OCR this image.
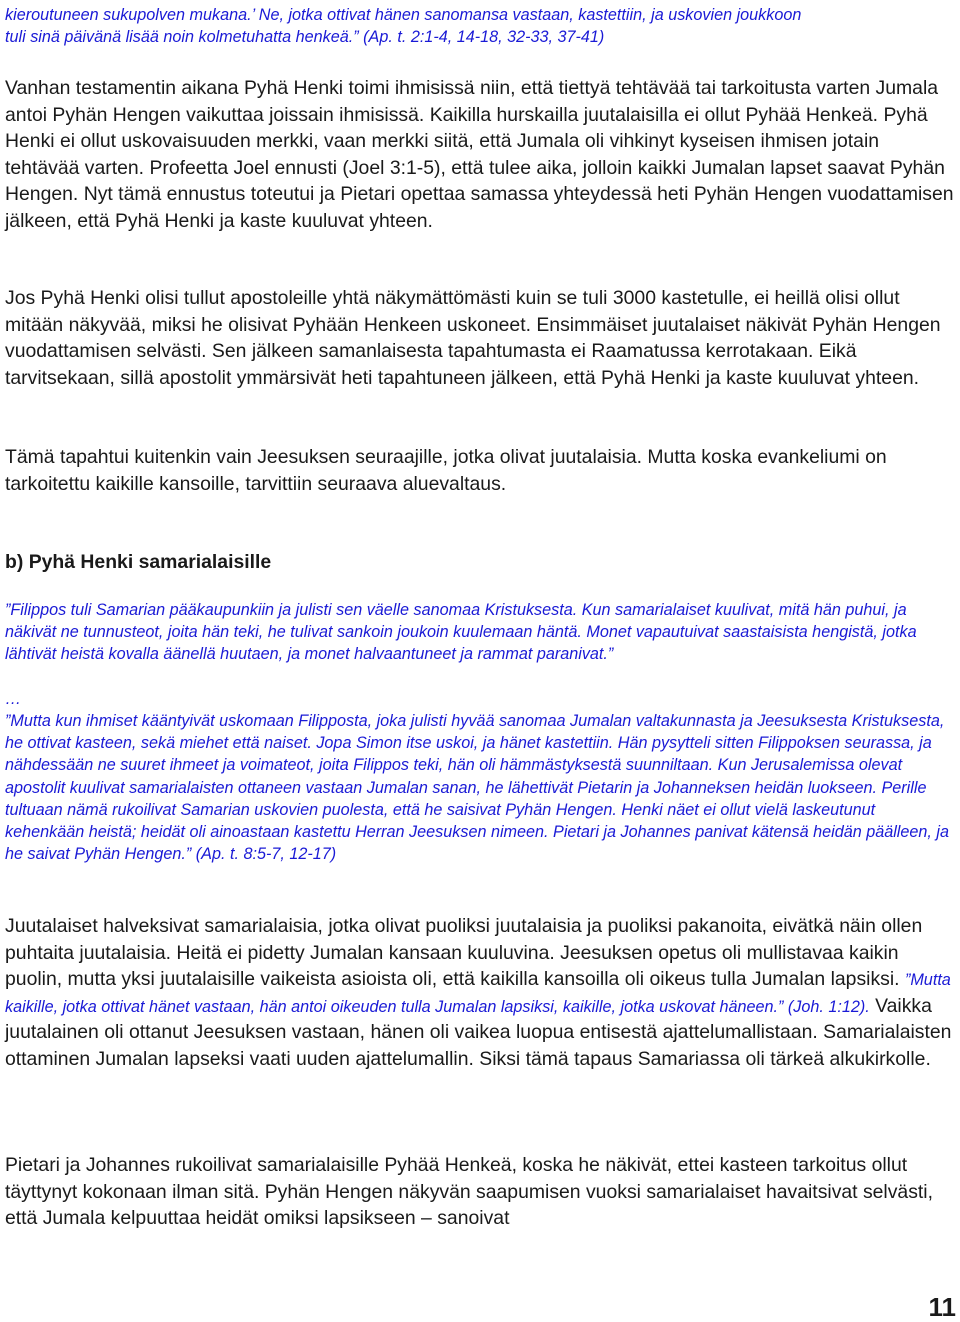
kieroutuneen sukupolven mukana.’ Ne, jotka ottivat hänen sanomansa vastaan, kastettiin, ja uskovien joukkoon
tuli sinä päivänä lisää noin kolmetuhatta henkeä.” (Ap. t. 2:1-4, 14-18, 32-33, 37-41)
Vanhan testamentin aikana Pyhä Henki toimi ihmisissä niin, että tiettyä tehtävää tai tarkoitusta varten Jumala antoi Pyhän Hengen vaikuttaa joissain ihmisissä. Kaikilla hurskailla juutalaisilla ei ollut Pyhää Henkeä. Pyhä Henki ei ollut uskovaisuuden merkki, vaan merkki siitä, että Jumala oli vihkinyt kyseisen ihmisen jotain tehtävää varten. Profeetta Joel ennusti (Joel 3:1-5), että tulee aika, jolloin kaikki Jumalan lapset saavat Pyhän Hengen. Nyt tämä ennustus toteutui ja Pietari opettaa samassa yhteydessä heti Pyhän Hengen vuodattamisen jälkeen, että Pyhä Henki ja kaste kuuluvat yhteen.
Jos Pyhä Henki olisi tullut apostoleille yhtä näkymättömästi kuin se tuli 3000 kastetulle, ei heillä olisi ollut mitään näkyvää, miksi he olisivat Pyhään Henkeen uskoneet. Ensimmäiset juutalaiset näkivät Pyhän Hengen vuodattamisen selvästi. Sen jälkeen samanlaisesta tapahtumasta ei Raamatussa kerrotakaan. Eikä tarvitsekaan, sillä apostolit ymmärsivät heti tapahtuneen jälkeen, että Pyhä Henki ja kaste kuuluvat yhteen.
Tämä tapahtui kuitenkin vain Jeesuksen seuraajille, jotka olivat juutalaisia. Mutta koska evankeliumi on tarkoitettu kaikille kansoille, tarvittiin seuraava aluevaltaus.
b) Pyhä Henki samarialaisille
”Filippos tuli Samarian pääkaupunkiin ja julisti sen väelle sanomaa Kristuksesta. Kun samarialaiset kuulivat, mitä hän puhui, ja näkivät ne tunnusteot, joita hän teki, he tulivat sankoin joukoin kuulemaan häntä. Monet vapautuivat saastaisista hengistä, jotka lähtivät heistä kovalla äänellä huutaen, ja monet halvaantuneet ja rammat paranivat.”
…
”Mutta kun ihmiset kääntyivät uskomaan Filipposta, joka julisti hyvää sanomaa Jumalan valtakunnasta ja Jeesuksesta Kristuksesta, he ottivat kasteen, sekä miehet että naiset. Jopa Simon itse uskoi, ja hänet kastettiin. Hän pysytteli sitten Filippoksen seurassa, ja nähdessään ne suuret ihmeet ja voimateot, joita Filippos teki, hän oli hämmästyksestä suunniltaan. Kun Jerusalemissa olevat apostolit kuulivat samarialaisten ottaneen vastaan Jumalan sanan, he lähettivät Pietarin ja Johanneksen heidän luokseen. Perille tultuaan nämä rukoilivat Samarian uskovien puolesta, että he saisivat Pyhän Hengen. Henki näet ei ollut vielä laskeutunut kehenkään heistä; heidät oli ainoastaan kastettu Herran Jeesuksen nimeen. Pietari ja Johannes panivat kätensä heidän päälleen, ja he saivat Pyhän Hengen.” (Ap. t. 8:5-7, 12-17)
Juutalaiset halveksivat samarialaisia, jotka olivat puoliksi juutalaisia ja puoliksi pakanoita, eivätkä näin ollen puhtaita juutalaisia. Heitä ei pidetty Jumalan kansaan kuuluvina. Jeesuksen opetus oli mullistavaa kaikin puolin, mutta yksi juutalaisille vaikeista asioista oli, että kaikilla kansoilla oli oikeus tulla Jumalan lapsiksi. ”Mutta kaikille, jotka ottivat hänet vastaan, hän antoi oikeuden tulla Jumalan lapsiksi, kaikille, jotka uskovat häneen.” (Joh. 1:12). Vaikka juutalainen oli ottanut Jeesuksen vastaan, hänen oli vaikea luopua entisestä ajattelumallistaan. Samarialaisten ottaminen Jumalan lapseksi vaati uuden ajattelumallin. Siksi tämä tapaus Samariassa oli tärkeä alkukirkolle.
Pietari ja Johannes rukoilivat samarialaisille Pyhää Henkeä, koska he näkivät, ettei kasteen tarkoitus ollut täyttynyt kokonaan ilman sitä. Pyhän Hengen näkyvän saapumisen vuoksi samarialaiset havaitsivat selvästi, että Jumala kelpuuttaa heidät omiksi lapsikseen – sanoivat
11
